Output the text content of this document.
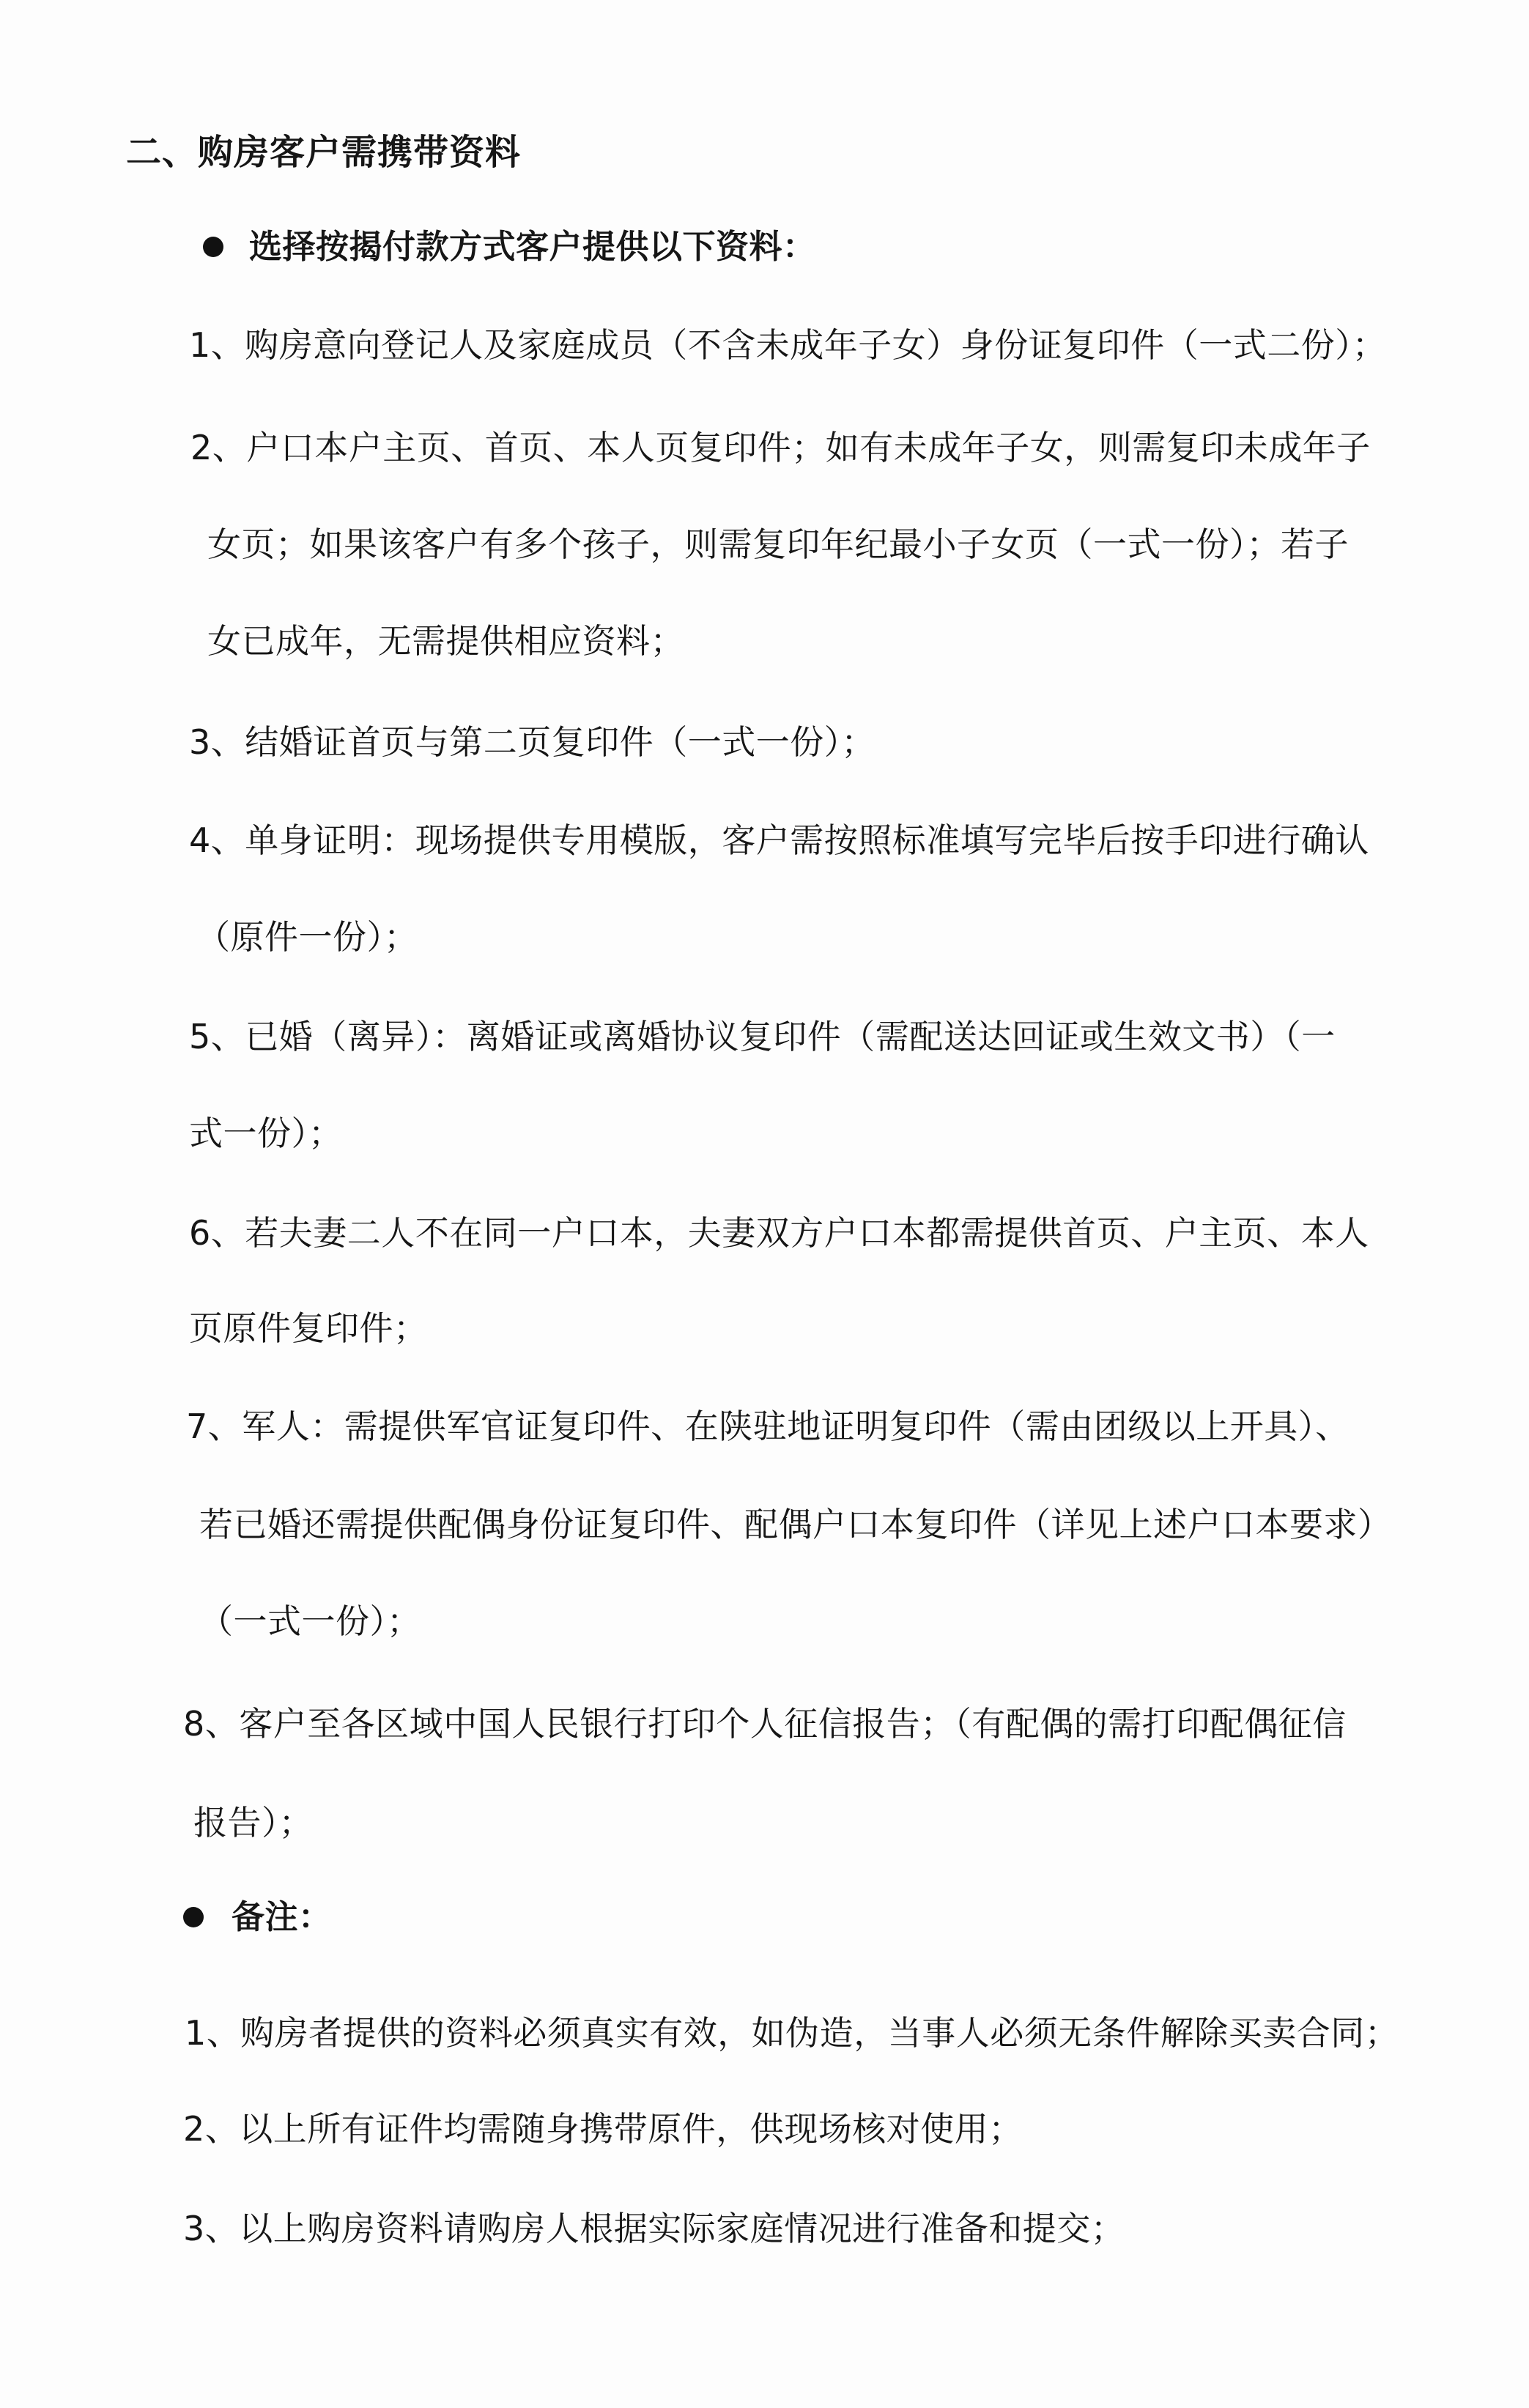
二、购房客户需携带资料
选择按揭付款方式客户提供以下资料：
1、购房意向登记人及家庭成员（不含未成年子女）身份证复印件（一式二份）；
2、户口本户主页、首页、本人页复印件；如有未成年子女，则需复印未成年子
女页；如果该客户有多个孩子，则需复印年纪最小子女页（一式一份）；若子
女已成年，无需提供相应资料；
3、结婚证首页与第二页复印件（一式一份）；
4、单身证明：现场提供专用模版，客户需按照标准填写完毕后按手印进行确认
（原件一份）；
5、已婚（离异）：离婚证或离婚协议复印件（需配送达回证或生效文书）（一
式一份）；
6、若夫妻二人不在同一户口本，夫妻双方户口本都需提供首页、户主页、本人
页原件复印件；
7、军人：需提供军官证复印件、在陕驻地证明复印件（需由团级以上开具）、
若已婚还需提供配偶身份证复印件、配偶户口本复印件（详见上述户口本要求）
（一式一份）；
8、客户至各区域中国人民银行打印个人征信报告；（有配偶的需打印配偶征信
报告）；
备注：
1、购房者提供的资料必须真实有效，如伪造，当事人必须无条件解除买卖合同；
2、以上所有证件均需随身携带原件，供现场核对使用；
3、以上购房资料请购房人根据实际家庭情况进行准备和提交；
